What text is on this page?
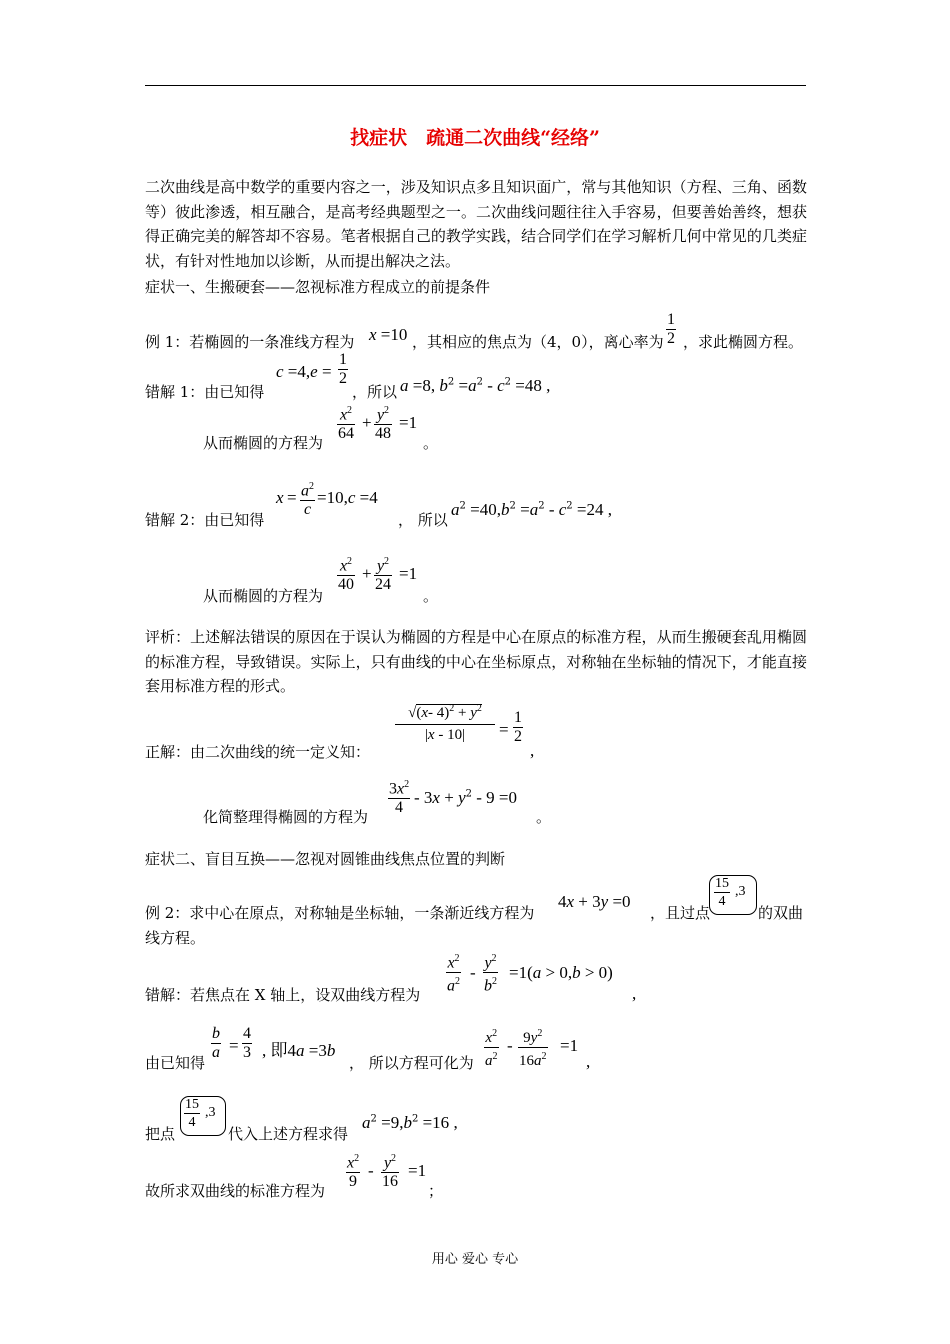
找症状　疏通二次曲线“经络”
二次曲线是高中数学的重要内容之一，涉及知识点多且知识面广，常与其他知识（方程、三角、函数等）彼此渗透，相互融合，是高考经典题型之一。二次曲线问题往往入手容易，但要善始善终，想获得正确完美的解答却不容易。笔者根据自己的教学实践，结合同学们在学习解析几何中常见的几类症状，有针对性地加以诊断，从而提出解决之法。
症状一、生搬硬套——忽视标准方程成立的前提条件
例 1：若椭圆的一条准线方程为 x =10 ，其相应的焦点为（4，0），离心率为 $\frac{1}{2}$ ，求此椭圆方程。
错解 1：由已知得
$c =4,e = \frac{1}{2}$
，所以 a =8, $b^2 =a^2 - c^2 =48$ ,
从而椭圆的方程为 $\frac{x^2}{64} + \frac{y^2}{48} =1$
。
错解 2：由已知得
$x = \frac{a^2}{c} =10,c =4$
， 所以
$a^2 =40,b^2 =a^2 - c^2 =24$ ,
从而椭圆的方程为
$\frac{x^2}{40} + \frac{y^2}{24} =1$
。
评析：上述解法错误的原因在于误认为椭圆的方程是中心在原点的标准方程，从而生搬硬套乱用椭圆的标准方程，导致错误。实际上，只有曲线的中心在坐标原点，对称轴在坐标轴的情况下，才能直接套用标准方程的形式。
正解：由二次曲线的统一定义知：
√(x- $4)^2 + y^2$
|x - 10|	= $\frac{1}{2}$
,
化简整理得椭圆的方程为 $\frac{3x^2}{4} - 3x + y^2 - 9 =0$
。
症状二、盲目互换——忽视对圆锥曲线焦点位置的判断
例 2：求中心在原点，对称轴是坐标轴，一条渐近线方程为
4x + 3y =0
，且过点
$\frac{15}{4} ,3$
的双曲
线方程。
错解：若焦点在 X 轴上，设双曲线方程为 $\frac{x^2}{a^2} - \frac{y^2}{b^2} =1(a > 0,b > 0)$
,
由已知得
$\frac{b}{a} = \frac{4}{3}$ , 即4a =3b
， 所以方程可化为 $\frac{x^2}{a^2} - \frac{9y^2}{16a^2} =1$
,
把点
$\frac{15}{4} ,3$
代入上述方程求得
$a^2 =9,b^2 =16$ ,
故所求双曲线的标准方程为 $\frac{x^2}{9} - \frac{y^2}{16} =1$
；
用心 爱心 专心
